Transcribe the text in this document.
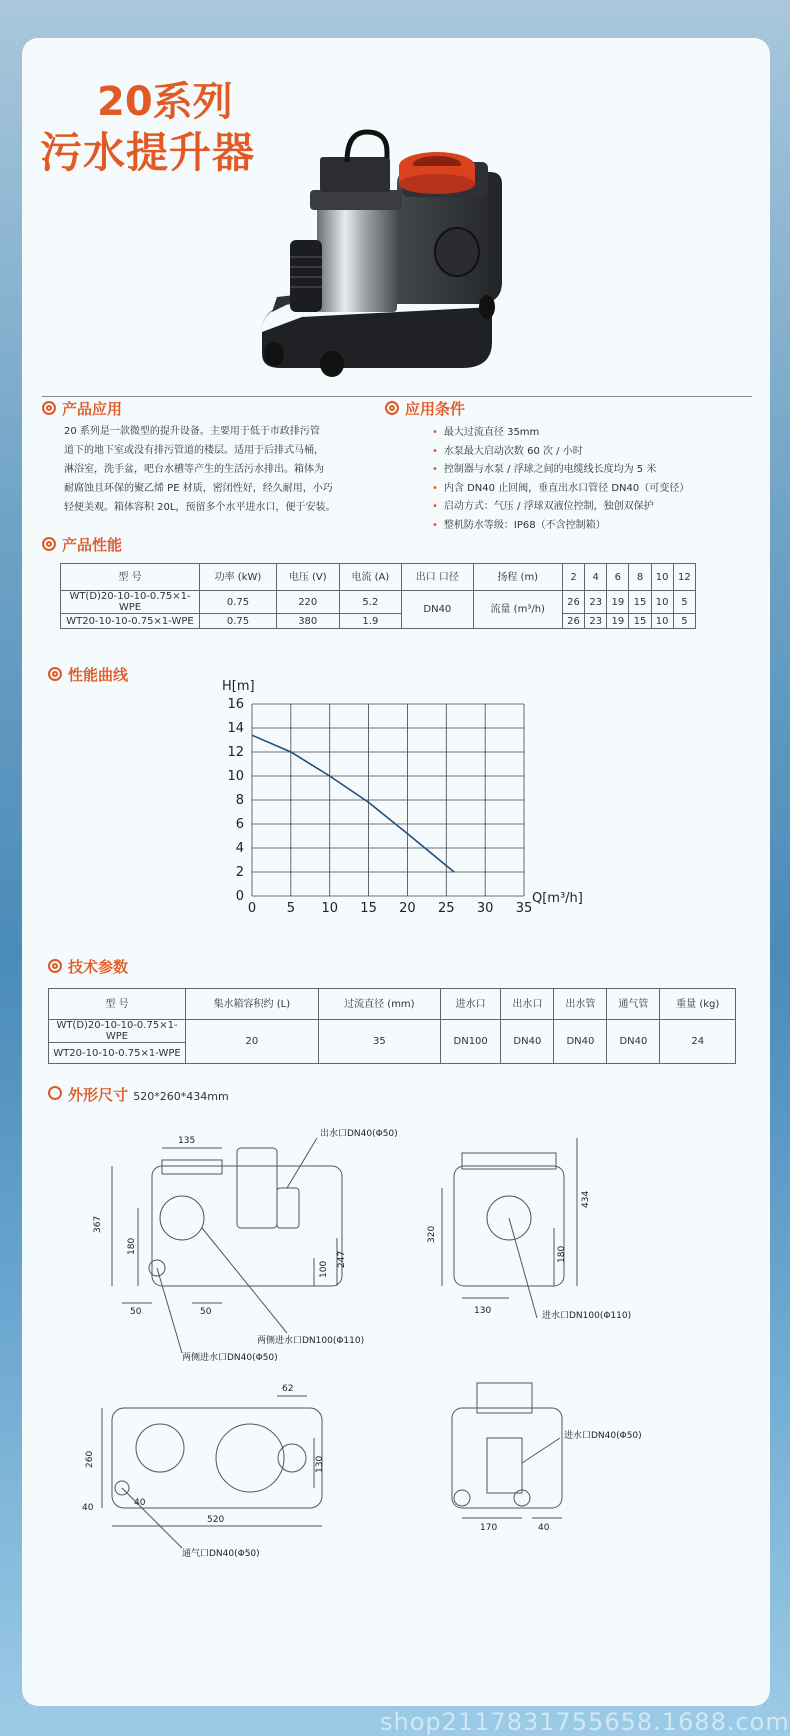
20系列
污水提升器
产品应用
20 系列是一款微型的提升设备。主要用于低于市政排污管
道下的地下室或没有排污管道的楼层。适用于后排式马桶，
淋浴室，洗手盆，吧台水槽等产生的生活污水排出。箱体为
耐腐蚀且环保的聚乙烯 PE 材质，密闭性好，经久耐用，小巧
轻便美观。箱体容积 20L，预留多个水平进水口，便于安装。
应用条件
• 最大过流直径 35mm
• 水泵最大启动次数 60 次 / 小时
• 控制器与水泵 / 浮球之间的电缆线长度均为 5 米
• 内含 DN40 止回阀，垂直出水口管径 DN40（可变径）
• 启动方式：气压 / 浮球双液位控制，独创双保护
• 整机防水等级：IP68（不含控制箱）
产品性能
型 号	功率 (kW)	电压 (V)	电流 (A)	出口 口径	扬程 (m)	2	4	6	8	10	12
WT(D)20-10-10-0.75×1-WPE	0.75	220	5.2	DN40	流量 (m³/h)	26	23	19	15	10	5
WT20-10-10-0.75×1-WPE	0.75	380	1.9			26	23	19	15	10	5
性能曲线
0 5 10 15 20 25 30 35
0
2
4
6
8
10
12
14
16
H[m]
Q[m³/h]
技术参数
型 号	集水箱容积约 (L)	过流直径 (mm)	进水口	出水口	出水管	通气管	重量 (kg)
WT(D)20-10-10-0.75×1-WPE	20	35	DN100	DN40	DN40	DN40	24
WT20-10-10-0.75×1-WPE							
外形尺寸 520*260*434mm
135
367
180
50	50
100
247
出水口DN40(Φ50)
两侧进水口DN100(Φ110)
两侧进水口DN40(Φ50)
434
320
180
130	进水口DN100(Φ110)
62
260	130
40	40
520
通气口DN40(Φ50)
进水口DN40(Φ50)
170	40
shop2117831755658.1688.com
